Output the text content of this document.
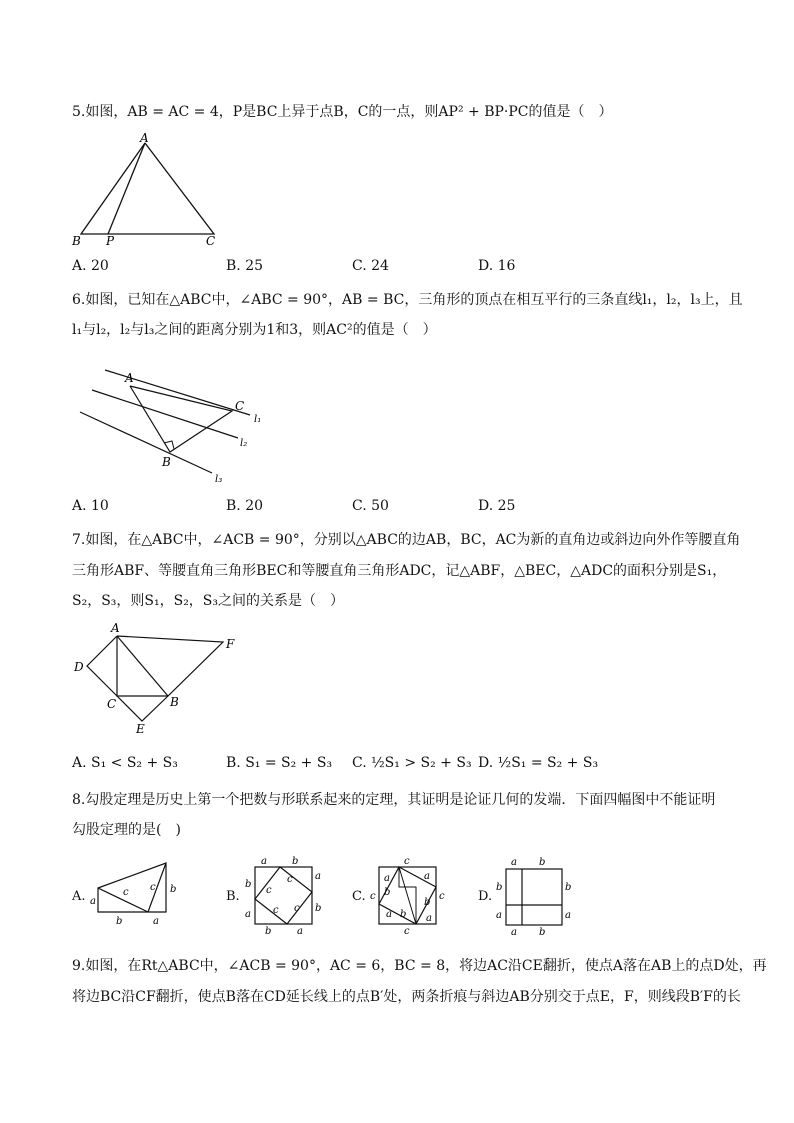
5.如图，AB = AC = 4，P是BC上异于点B，C的一点，则AP² + BP·PC的值是（　）
A
B P	C
A. 20	B. 25	C. 24	D. 16
6.如图，已知在△ABC中，∠ABC = 90°，AB = BC，三角形的顶点在相互平行的三条直线l₁，l₂，l₃上，且
l₁与l₂，l₂与l₃之间的距离分别为1和3，则AC²的值是（　）
A
C
B
l₁
l₂
l₃
A. 10	B. 20	C. 50	D. 25
7.如图，在△ABC中，∠ACB = 90°，分别以△ABC的边AB，BC，AC为新的直角边或斜边向外作等腰直角
三角形ABF、等腰直角三角形BEC和等腰直角三角形ADC，记△ABF，△BEC，△ADC的面积分别是S₁，
S₂，S₃，则S₁，S₂，S₃之间的关系是（　）
A
F
D
C	B
E
A. S₁ < S₂ + S₃	B. S₁ = S₂ + S₃ C. ½S₁ > S₂ + S₃ D. ½S₁ = S₂ + S₃
8.勾股定理是历史上第一个把数与形联系起来的定理，其证明是论证几何的发端．下面四幅图中不能证明
勾股定理的是(　)
A. a
b
c c
a
b	B.
a	b
a
b
b	a
b
a
c
c
c
c
C.
c
c	c
c
a
b
a
b
a b a
D.
a b
b
a
b
a
a b
9.如图，在Rt△ABC中，∠ACB = 90°，AC = 6，BC = 8，将边AC沿CE翻折，使点A落在AB上的点D处，再
将边BC沿CF翻折，使点B落在CD延长线上的点B′处，两条折痕与斜边AB分别交于点E，F，则线段B′F的长
